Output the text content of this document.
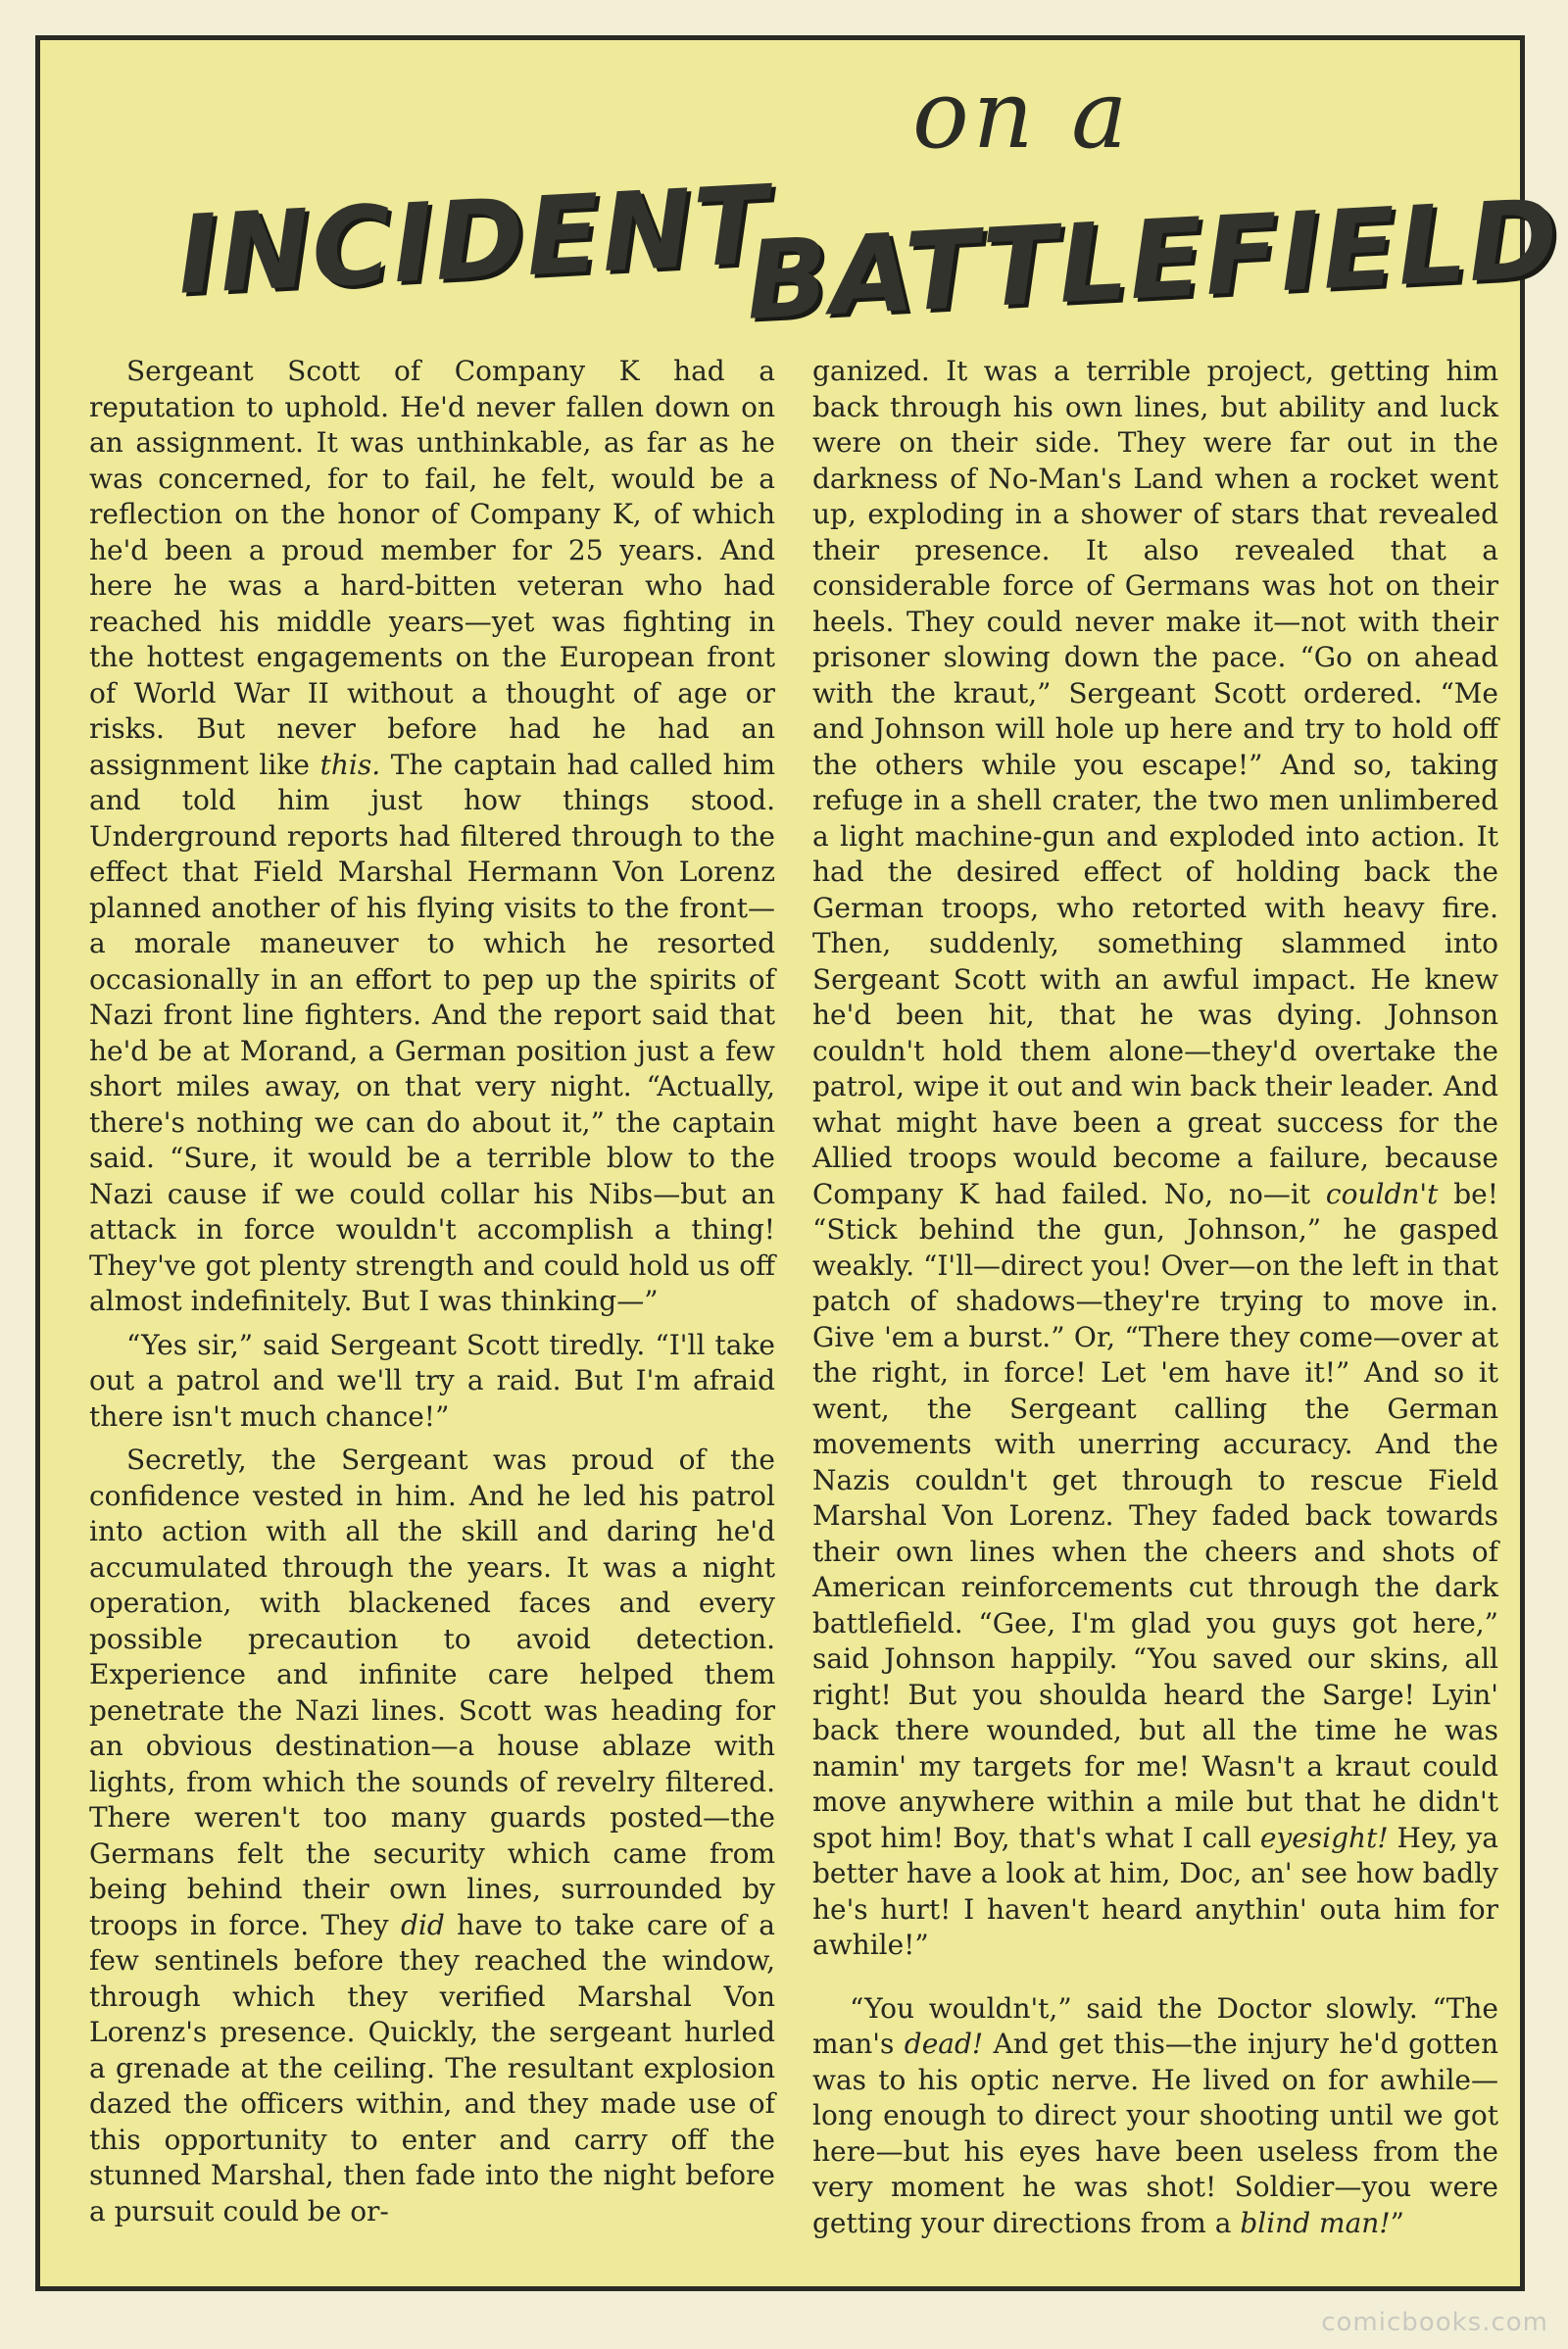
on a
INCIDENT
BATTLEFIELD

Sergeant Scott of Company K had a reputation to uphold. He'd never fallen down on an assignment. It was unthinkable, as far as he was concerned, for to fail, he felt, would be a reflection on the honor of Company K, of which he'd been a proud member for 25 years. And here he was a hard-bitten veteran who had reached his middle years—yet was fighting in the hottest engagements on the European front of World War II without a thought of age or risks. But never before had he had an assignment like this. The captain had called him and told him just how things stood. Underground reports had filtered through to the effect that Field Marshal Hermann Von Lorenz planned another of his flying visits to the front—a morale maneuver to which he resorted occasionally in an effort to pep up the spirits of Nazi front line fighters. And the report said that he'd be at Morand, a German position just a few short miles away, on that very night. “Actually, there's nothing we can do about it,” the captain said. “Sure, it would be a terrible blow to the Nazi cause if we could collar his Nibs—but an attack in force wouldn't accomplish a thing! They've got plenty strength and could hold us off almost indefinitely. But I was thinking—”

“Yes sir,” said Sergeant Scott tiredly. “I'll take out a patrol and we'll try a raid. But I'm afraid there isn't much chance!”

Secretly, the Sergeant was proud of the confidence vested in him. And he led his patrol into action with all the skill and daring he'd accumulated through the years. It was a night operation, with blackened faces and every possible precaution to avoid detection. Experience and infinite care helped them penetrate the Nazi lines. Scott was heading for an obvious destination—a house ablaze with lights, from which the sounds of revelry filtered. There weren't too many guards posted—the Germans felt the security which came from being behind their own lines, surrounded by troops in force. They did have to take care of a few sentinels before they reached the window, through which they verified Marshal Von Lorenz's presence. Quickly, the sergeant hurled a grenade at the ceiling. The resultant explosion dazed the officers within, and they made use of this opportunity to enter and carry off the stunned Marshal, then fade into the night before a pursuit could be or-

ganized. It was a terrible project, getting him back through his own lines, but ability and luck were on their side. They were far out in the darkness of No-Man's Land when a rocket went up, exploding in a shower of stars that revealed their presence. It also revealed that a considerable force of Germans was hot on their heels. They could never make it—not with their prisoner slowing down the pace. “Go on ahead with the kraut,” Sergeant Scott ordered. “Me and Johnson will hole up here and try to hold off the others while you escape!” And so, taking refuge in a shell crater, the two men unlimbered a light machine-gun and exploded into action. It had the desired effect of holding back the German troops, who retorted with heavy fire. Then, suddenly, something slammed into Sergeant Scott with an awful impact. He knew he'd been hit, that he was dying. Johnson couldn't hold them alone—they'd overtake the patrol, wipe it out and win back their leader. And what might have been a great success for the Allied troops would become a failure, because Company K had failed. No, no—it couldn't be! “Stick behind the gun, Johnson,” he gasped weakly. “I'll—direct you! Over—on the left in that patch of shadows—they're trying to move in. Give 'em a burst.” Or, “There they come—over at the right, in force! Let 'em have it!” And so it went, the Sergeant calling the German movements with unerring accuracy. And the Nazis couldn't get through to rescue Field Marshal Von Lorenz. They faded back towards their own lines when the cheers and shots of American reinforcements cut through the dark battlefield. “Gee, I'm glad you guys got here,” said Johnson happily. “You saved our skins, all right! But you shoulda heard the Sarge! Lyin' back there wounded, but all the time he was namin' my targets for me! Wasn't a kraut could move anywhere within a mile but that he didn't spot him! Boy, that's what I call eyesight! Hey, ya better have a look at him, Doc, an' see how badly he's hurt! I haven't heard anythin' outa him for awhile!”

“You wouldn't,” said the Doctor slowly. “The man's dead! And get this—the injury he'd gotten was to his optic nerve. He lived on for awhile—long enough to direct your shooting until we got here—but his eyes have been useless from the very moment he was shot! Soldier—you were getting your directions from a blind man!”

comicbooks.com
